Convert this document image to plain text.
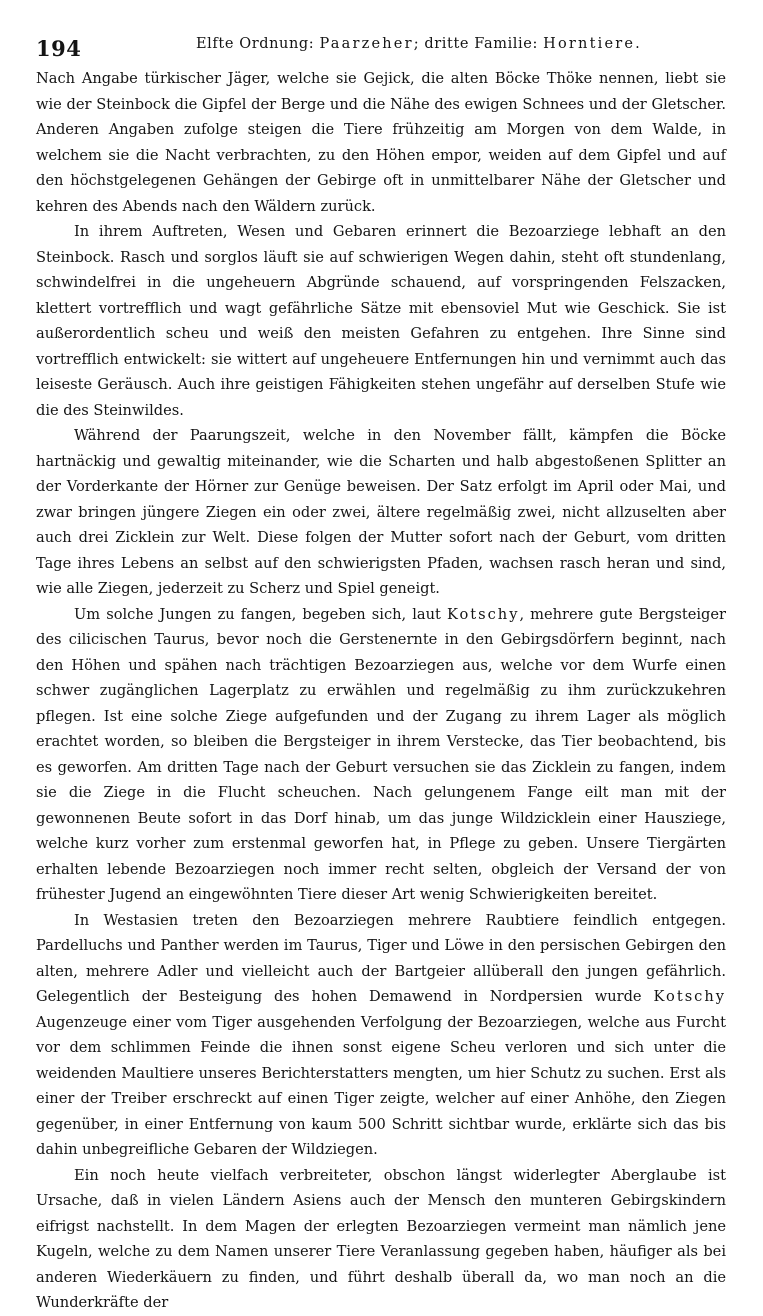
194	Elfte Ordnung: Paarzeher; dritte Familie: Horntiere.

Nach Angabe türkischer Jäger, welche sie Gejick, die alten Böcke Thöke nennen, liebt sie wie der Steinbock die Gipfel der Berge und die Nähe des ewigen Schnees und der Gletscher. Anderen Angaben zufolge steigen die Tiere frühzeitig am Morgen von dem Walde, in welchem sie die Nacht verbrachten, zu den Höhen empor, weiden auf dem Gipfel und auf den höchstgelegenen Gehängen der Gebirge oft in unmittelbarer Nähe der Gletscher und kehren des Abends nach den Wäldern zurück.

In ihrem Auftreten, Wesen und Gebaren erinnert die Bezoarziege lebhaft an den Steinbock. Rasch und sorglos läuft sie auf schwierigen Wegen dahin, steht oft stundenlang, schwindelfrei in die ungeheuern Abgründe schauend, auf vorspringenden Felszacken, klettert vortrefflich und wagt gefährliche Sätze mit ebensoviel Mut wie Geschick. Sie ist außerordentlich scheu und weiß den meisten Gefahren zu entgehen. Ihre Sinne sind vortrefflich entwickelt: sie wittert auf ungeheuere Entfernungen hin und vernimmt auch das leiseste Geräusch. Auch ihre geistigen Fähigkeiten stehen ungefähr auf derselben Stufe wie die des Steinwildes.

Während der Paarungszeit, welche in den November fällt, kämpfen die Böcke hartnäckig und gewaltig miteinander, wie die Scharten und halb abgestoßenen Splitter an der Vorderkante der Hörner zur Genüge beweisen. Der Satz erfolgt im April oder Mai, und zwar bringen jüngere Ziegen ein oder zwei, ältere regelmäßig zwei, nicht allzuselten aber auch drei Zicklein zur Welt. Diese folgen der Mutter sofort nach der Geburt, vom dritten Tage ihres Lebens an selbst auf den schwierigsten Pfaden, wachsen rasch heran und sind, wie alle Ziegen, jederzeit zu Scherz und Spiel geneigt.

Um solche Jungen zu fangen, begeben sich, laut Kotschy, mehrere gute Bergsteiger des cilicischen Taurus, bevor noch die Gerstenernte in den Gebirgsdörfern beginnt, nach den Höhen und spähen nach trächtigen Bezoarziegen aus, welche vor dem Wurfe einen schwer zugänglichen Lagerplatz zu erwählen und regelmäßig zu ihm zurückzukehren pflegen. Ist eine solche Ziege aufgefunden und der Zugang zu ihrem Lager als möglich erachtet worden, so bleiben die Bergsteiger in ihrem Verstecke, das Tier beobachtend, bis es geworfen. Am dritten Tage nach der Geburt versuchen sie das Zicklein zu fangen, indem sie die Ziege in die Flucht scheuchen. Nach gelungenem Fange eilt man mit der gewonnenen Beute sofort in das Dorf hinab, um das junge Wildzicklein einer Hausziege, welche kurz vorher zum erstenmal geworfen hat, in Pflege zu geben. Unsere Tiergärten erhalten lebende Bezoarziegen noch immer recht selten, obgleich der Versand der von frühester Jugend an eingewöhnten Tiere dieser Art wenig Schwierigkeiten bereitet.

In Westasien treten den Bezoarziegen mehrere Raubtiere feindlich entgegen. Pardelluchs und Panther werden im Taurus, Tiger und Löwe in den persischen Gebirgen den alten, mehrere Adler und vielleicht auch der Bartgeier allüberall den jungen gefährlich. Gelegentlich der Besteigung des hohen Demawend in Nordpersien wurde Kotschy Augenzeuge einer vom Tiger ausgehenden Verfolgung der Bezoarziegen, welche aus Furcht vor dem schlimmen Feinde die ihnen sonst eigene Scheu verloren und sich unter die weidenden Maultiere unseres Berichterstatters mengten, um hier Schutz zu suchen. Erst als einer der Treiber erschreckt auf einen Tiger zeigte, welcher auf einer Anhöhe, den Ziegen gegenüber, in einer Entfernung von kaum 500 Schritt sichtbar wurde, erklärte sich das bis dahin unbegreifliche Gebaren der Wildziegen.

Ein noch heute vielfach verbreiteter, obschon längst widerlegter Aberglaube ist Ursache, daß in vielen Ländern Asiens auch der Mensch den munteren Gebirgskindern eifrigst nachstellt. In dem Magen der erlegten Bezoarziegen vermeint man nämlich jene Kugeln, welche zu dem Namen unserer Tiere Veranlassung gegeben haben, häufiger als bei anderen Wiederkäuern zu finden, und führt deshalb überall da, wo man noch an die Wunderkräfte der
